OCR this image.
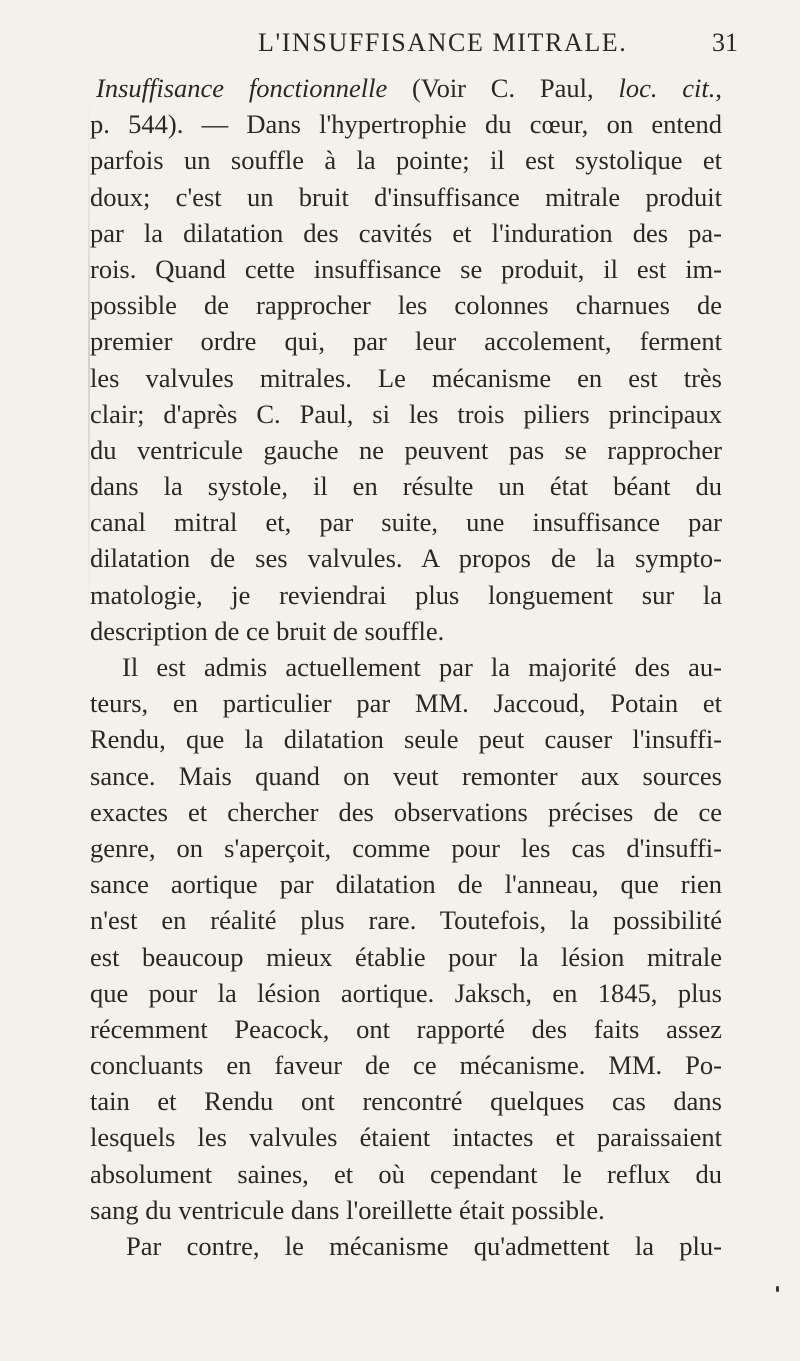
L'INSUFFISANCE MITRALE.	31
Insuffisance fonctionnelle (Voir C. Paul, loc. cit.,
p. 544). — Dans l'hypertrophie du cœur, on entend
parfois un souffle à la pointe; il est systolique et
doux; c'est un bruit d'insuffisance mitrale produit
par la dilatation des cavités et l'induration des pa-
rois. Quand cette insuffisance se produit, il est im-
possible de rapprocher les colonnes charnues de
premier ordre qui, par leur accolement, ferment
les valvules mitrales. Le mécanisme en est très
clair; d'après C. Paul, si les trois piliers principaux
du ventricule gauche ne peuvent pas se rapprocher
dans la systole, il en résulte un état béant du
canal mitral et, par suite, une insuffisance par
dilatation de ses valvules. A propos de la sympto-
matologie, je reviendrai plus longuement sur la
description de ce bruit de souffle.
Il est admis actuellement par la majorité des au-
teurs, en particulier par MM. Jaccoud, Potain et
Rendu, que la dilatation seule peut causer l'insuffi-
sance. Mais quand on veut remonter aux sources
exactes et chercher des observations précises de ce
genre, on s'aperçoit, comme pour les cas d'insuffi-
sance aortique par dilatation de l'anneau, que rien
n'est en réalité plus rare. Toutefois, la possibilité
est beaucoup mieux établie pour la lésion mitrale
que pour la lésion aortique. Jaksch, en 1845, plus
récemment Peacock, ont rapporté des faits assez
concluants en faveur de ce mécanisme. MM. Po-
tain et Rendu ont rencontré quelques cas dans
lesquels les valvules étaient intactes et paraissaient
absolument saines, et où cependant le reflux du
sang du ventricule dans l'oreillette était possible.
Par contre, le mécanisme qu'admettent la plu-
